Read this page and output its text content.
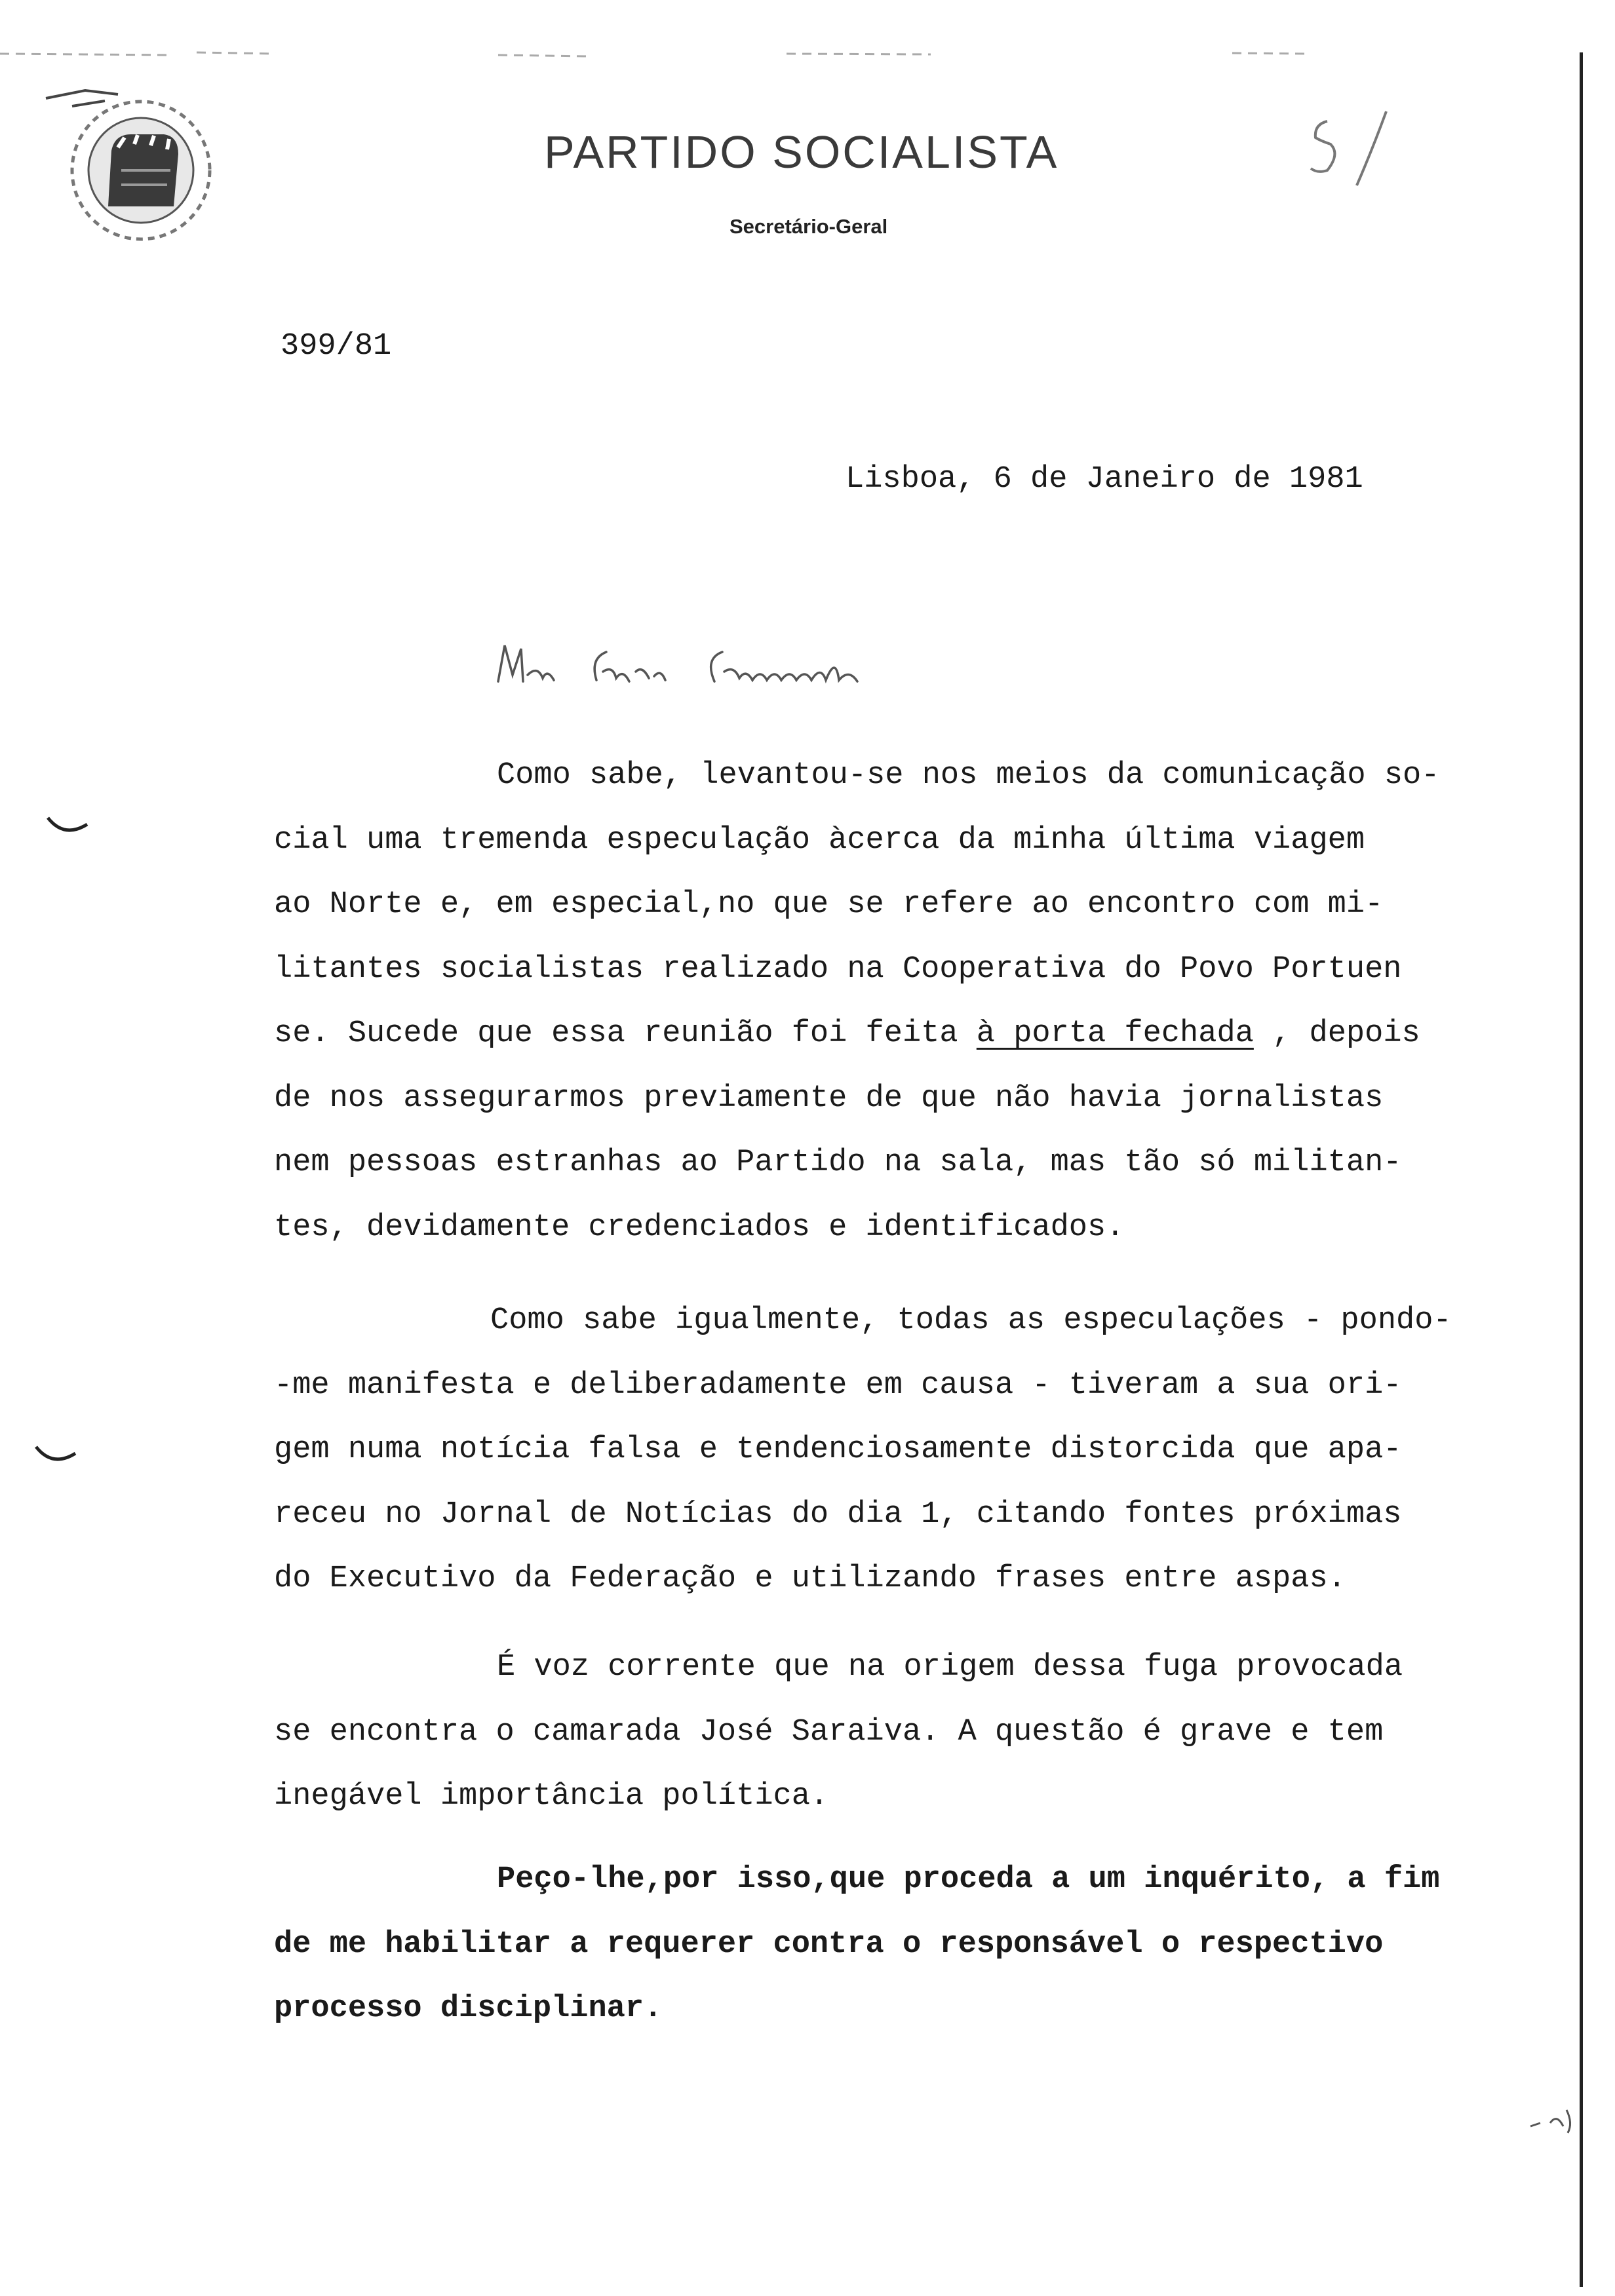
PARTIDO SOCIALISTA
Secretário-Geral
399/81
Lisboa, 6 de Janeiro de 1981
Como sabe, levantou-se nos meios da comunicação so-
cial uma tremenda especulação àcerca da minha última viagem
ao Norte e, em especial,no que se refere ao encontro com mi-
litantes socialistas realizado na Cooperativa do Povo Portuen
se. Sucede que essa reunião foi feita à porta fechada , depois
de nos assegurarmos previamente de que não havia jornalistas
nem pessoas estranhas ao Partido na sala, mas tão só militan-
tes, devidamente credenciados e identificados.
Como sabe igualmente, todas as especulações - pondo-
-me manifesta e deliberadamente em causa - tiveram a sua ori-
gem numa notícia falsa e tendenciosamente distorcida que apa-
receu no Jornal de Notícias do dia 1, citando fontes próximas
do Executivo da Federação e utilizando frases entre aspas.
É voz corrente que na origem dessa fuga provocada
se encontra o camarada José Saraiva. A questão é grave e tem
inegável importância política.
Peço-lhe,por isso,que proceda a um inquérito, a fim
de me habilitar a requerer contra o responsável o respectivo
processo disciplinar.
